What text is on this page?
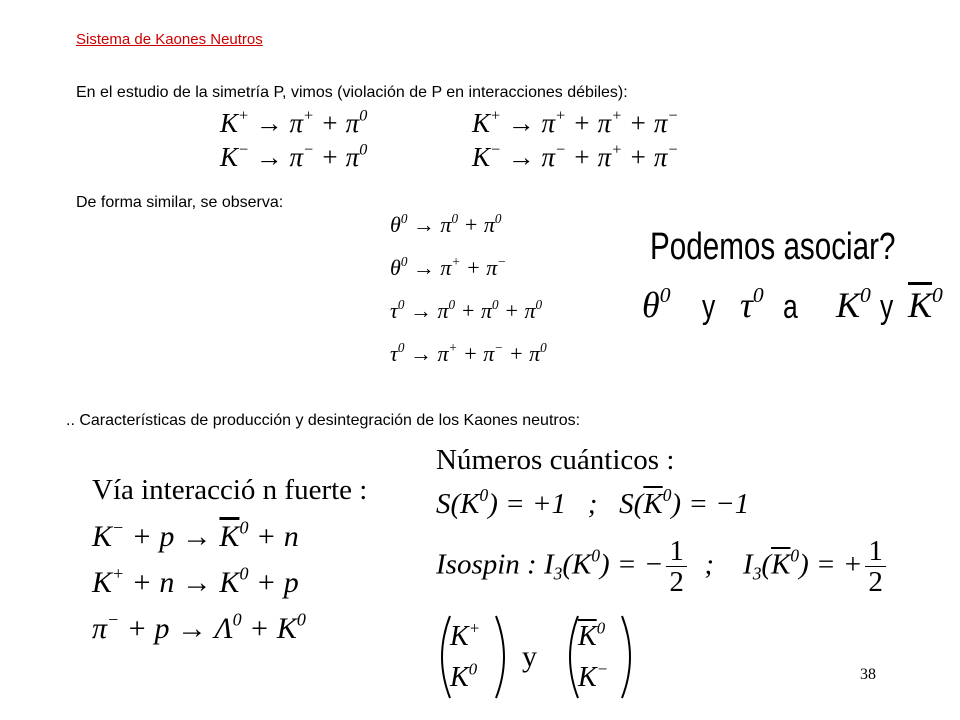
Sistema de Kaones Neutros
En el estudio de la simetría P, vimos (violación de P en interacciones débiles):
$K^+ \to \pi^+ + \pi^0$
$K^- \to \pi^- + \pi^0$
K+ → π+ + π+ + π−
K− → π− + π+ + π−
De forma similar, se observa:
$\theta^0 \to \pi^0 + \pi^0$
$\theta^0 \to \pi^+ + \pi^-$
$\tau^0 \to \pi^0 + \pi^0 + \pi^0$
$\tau^0 \to \pi^+ + \pi^- + \pi^0$
Podemos asociar?
$\theta^0$ y $\tau^0$ a $K^0$ y $\overline{K}^0$
.. Características de producción y desintegración de los Kaones neutros:
Vía interacció n fuerte :
$K^- + p \to \overline{K}^0 + n$
$K^+ + n \to K^0 + p$
$\pi^- + p \to \Lambda^0 + K^0$
Números cuánticos :
$S(K^0) = +1$   ;   $S(\overline{K}^0) = -1$
Isospin : $I_3(K^0)$ = − $\frac{1}{2}$ ;    $I_3(\overline{K}^0)$ = + $\frac{1}{2}$
K+
$K^0$ y
$\overline{K}^0$
K−	38
